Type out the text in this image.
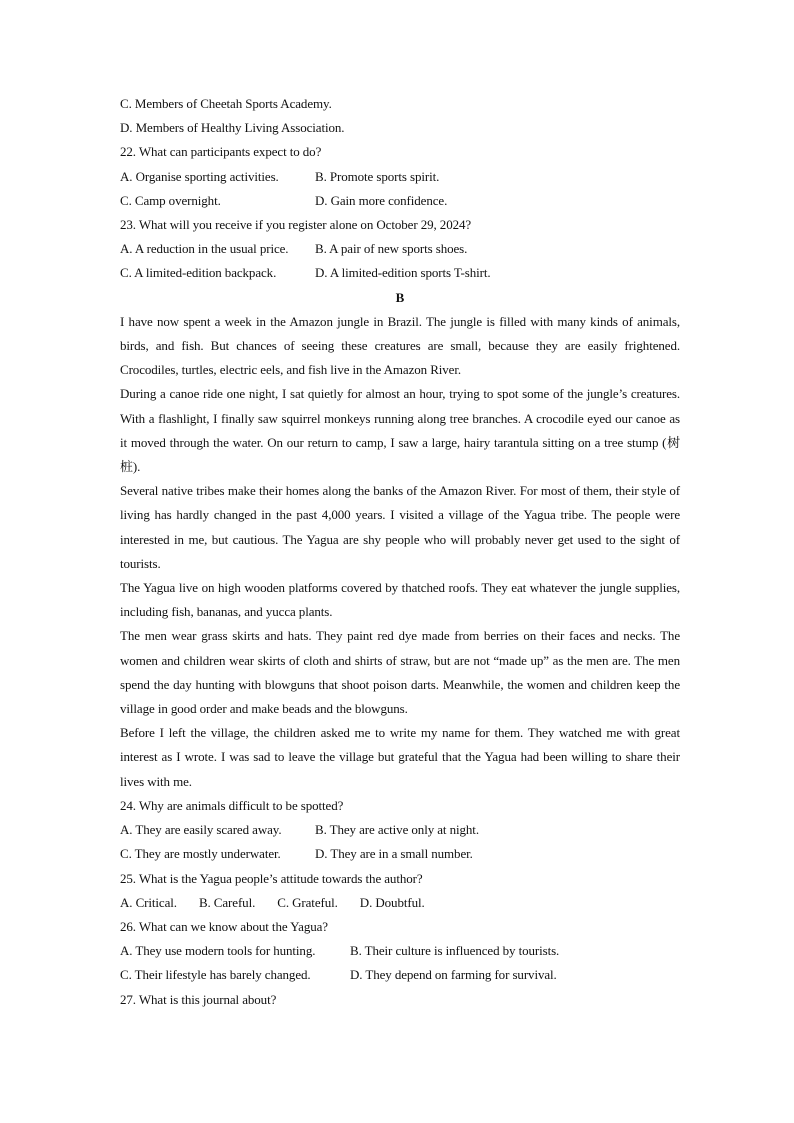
C. Members of Cheetah Sports Academy.
D. Members of Healthy Living Association.
22. What can participants expect to do?
A. Organise sporting activities.	B. Promote sports spirit.
C. Camp overnight.	D. Gain more confidence.
23. What will you receive if you register alone on October 29, 2024?
A. A reduction in the usual price.	B. A pair of new sports shoes.
C. A limited-edition backpack.	D. A limited-edition sports T-shirt.
B
I have now spent a week in the Amazon jungle in Brazil. The jungle is filled with many kinds of animals, birds, and fish. But chances of seeing these creatures are small, because they are easily frightened. Crocodiles, turtles, electric eels, and fish live in the Amazon River.
During a canoe ride one night, I sat quietly for almost an hour, trying to spot some of the jungle’s creatures. With a flashlight, I finally saw squirrel monkeys running along tree branches. A crocodile eyed our canoe as it moved through the water. On our return to camp, I saw a large, hairy tarantula sitting on a tree stump (树桩).
Several native tribes make their homes along the banks of the Amazon River. For most of them, their style of living has hardly changed in the past 4,000 years. I visited a village of the Yagua tribe. The people were interested in me, but cautious. The Yagua are shy people who will probably never get used to the sight of tourists.
The Yagua live on high wooden platforms covered by thatched roofs. They eat whatever the jungle supplies, including fish, bananas, and yucca plants.
The men wear grass skirts and hats. They paint red dye made from berries on their faces and necks. The women and children wear skirts of cloth and shirts of straw, but are not “made up” as the men are. The men spend the day hunting with blowguns that shoot poison darts. Meanwhile, the women and children keep the village in good order and make beads and the blowguns.
Before I left the village, the children asked me to write my name for them. They watched me with great interest as I wrote. I was sad to leave the village but grateful that the Yagua had been willing to share their lives with me.
24. Why are animals difficult to be spotted?
A. They are easily scared away.	B. They are active only at night.
C. They are mostly underwater.	D. They are in a small number.
25. What is the Yagua people’s attitude towards the author?
A. Critical. B. Careful. C. Grateful. D. Doubtful.
26. What can we know about the Yagua?
A. They use modern tools for hunting.	B. Their culture is influenced by tourists.
C. Their lifestyle has barely changed.	D. They depend on farming for survival.
27. What is this journal about?
